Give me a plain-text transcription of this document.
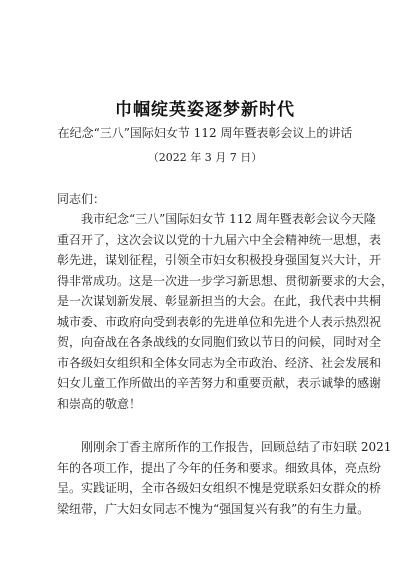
巾帼绽英姿逐梦新时代
在纪念“三八”国际妇女节 112 周年暨表彰会议上的讲话
（2022 年 3 月 7 日）
同志们：

　　我市纪念“三八”国际妇女节 112 周年暨表彰会议今天隆
重召开了，这次会议以党的十九届六中全会精神统一思想，表
彰先进，谋划征程，引领全市妇女积极投身强国复兴大计，开
得非常成功。这是一次进一步学习新思想、贯彻新要求的大会，
是一次谋划新发展、彰显新担当的大会。在此，我代表中共桐
城市委、市政府向受到表彰的先进单位和先进个人表示热烈祝
贺，向奋战在各条战线的女同胞们致以节日的问候，同时对全
市各级妇女组织和全体女同志为全市政治、经济、社会发展和
妇女儿童工作所做出的辛苦努力和重要贡献，表示诚挚的感谢
和崇高的敬意！

　　刚刚余丁香主席所作的工作报告，回顾总结了市妇联 2021
年的各项工作，提出了今年的任务和要求。细致具体，亮点纷
呈。实践证明，全市各级妇女组织不愧是党联系妇女群众的桥
梁纽带，广大妇女同志不愧为“强国复兴有我”的有生力量。
